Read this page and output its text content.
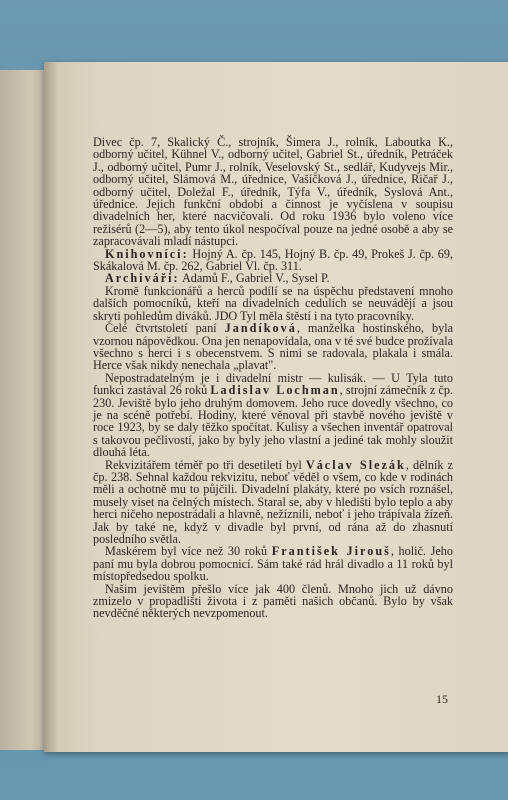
Divec čp. 7, Skalický Č., strojník, Šimera J., rolník, Laboutka K., odborný učitel, Kühnel V., odborný učitel, Gabriel St., úředník, Petráček J., odborný učitel, Pumr J., rolník, Veselovský St., sedlář, Kudyvejs Mir., odborný učitel, Slámová M., úřednice, Vašíčková J., úřednice, Ričař J., odborný učitel, Doležal F., úředník, Týfa V., úředník, Syslová Ant., úřednice. Jejich funkční období a činnost je vyčíslena v soupisu divadelních her, které nacvičovali. Od roku 1936 bylo voleno více režisérů (2—5), aby tento úkol nespočíval pouze na jedné osobě a aby se zapracovávali mladí nástupci.

Knihovníci: Hojný A. čp. 145, Hojný B. čp. 49, Prokeš J. čp. 69, Skákalová M. čp. 262, Gabriel Vl. čp. 311.

Archiváři: Adamů F., Gabriel V., Sysel P.

Kromě funkcionářů a herců podílí se na úspěchu představení mnoho dalších pomocníků, kteří na divadelních cedulích se neuvádějí a jsou skryti pohledům diváků. JDO Tyl měla štěstí i na tyto pracovníky.

Celé čtvrtstoletí paní Jandíková, manželka hostinského, byla vzornou nápovědkou. Ona jen nenapovídala, ona v té své budce prožívala všechno s herci i s obecenstvem. S nimi se radovala, plakala i smála. Herce však nikdy nenechala „plavat".

Nepostradatelným je i divadelní mistr — kulisák. — U Tyla tuto funkci zastával 26 roků Ladislav Lochman, strojní zámečník z čp. 230. Jeviště bylo jeho druhým domovem. Jeho ruce dovedly všechno, co je na scéně potřebí. Hodiny, které věnoval při stavbě nového jeviště v roce 1923, by se daly těžko spočítat. Kulisy a všechen inventář opatroval s takovou pečlivostí, jako by byly jeho vlastní a jediné tak mohly sloužit dlouhá léta.

Rekvizitářem téměř po tři desetiletí byl Václav Slezák, dělník z čp. 238. Sehnal každou rekvizitu, neboť věděl o všem, co kde v rodinách měli a ochotně mu to půjčili. Divadelní plakáty, které po vsích roznášel, musely viset na čelných místech. Staral se, aby v hledišti bylo teplo a aby herci ničeho nepostrádali a hlavně, nežíznili, neboť i jeho trápívala žízeň. Jak by také ne, když v divadle byl první, od rána až do zhasnutí posledního světla.

Maskérem byl více než 30 roků František Jirouš, holič. Jeho paní mu byla dobrou pomocnicí. Sám také rád hrál divadlo a 11 roků byl místopředsedou spolku.

Našim jevištěm přešlo více jak 400 členů. Mnoho jich už dávno zmizelo v propadlišti života i z paměti našich občanů. Bylo by však nevděčné některých nevzpomenout.

15
